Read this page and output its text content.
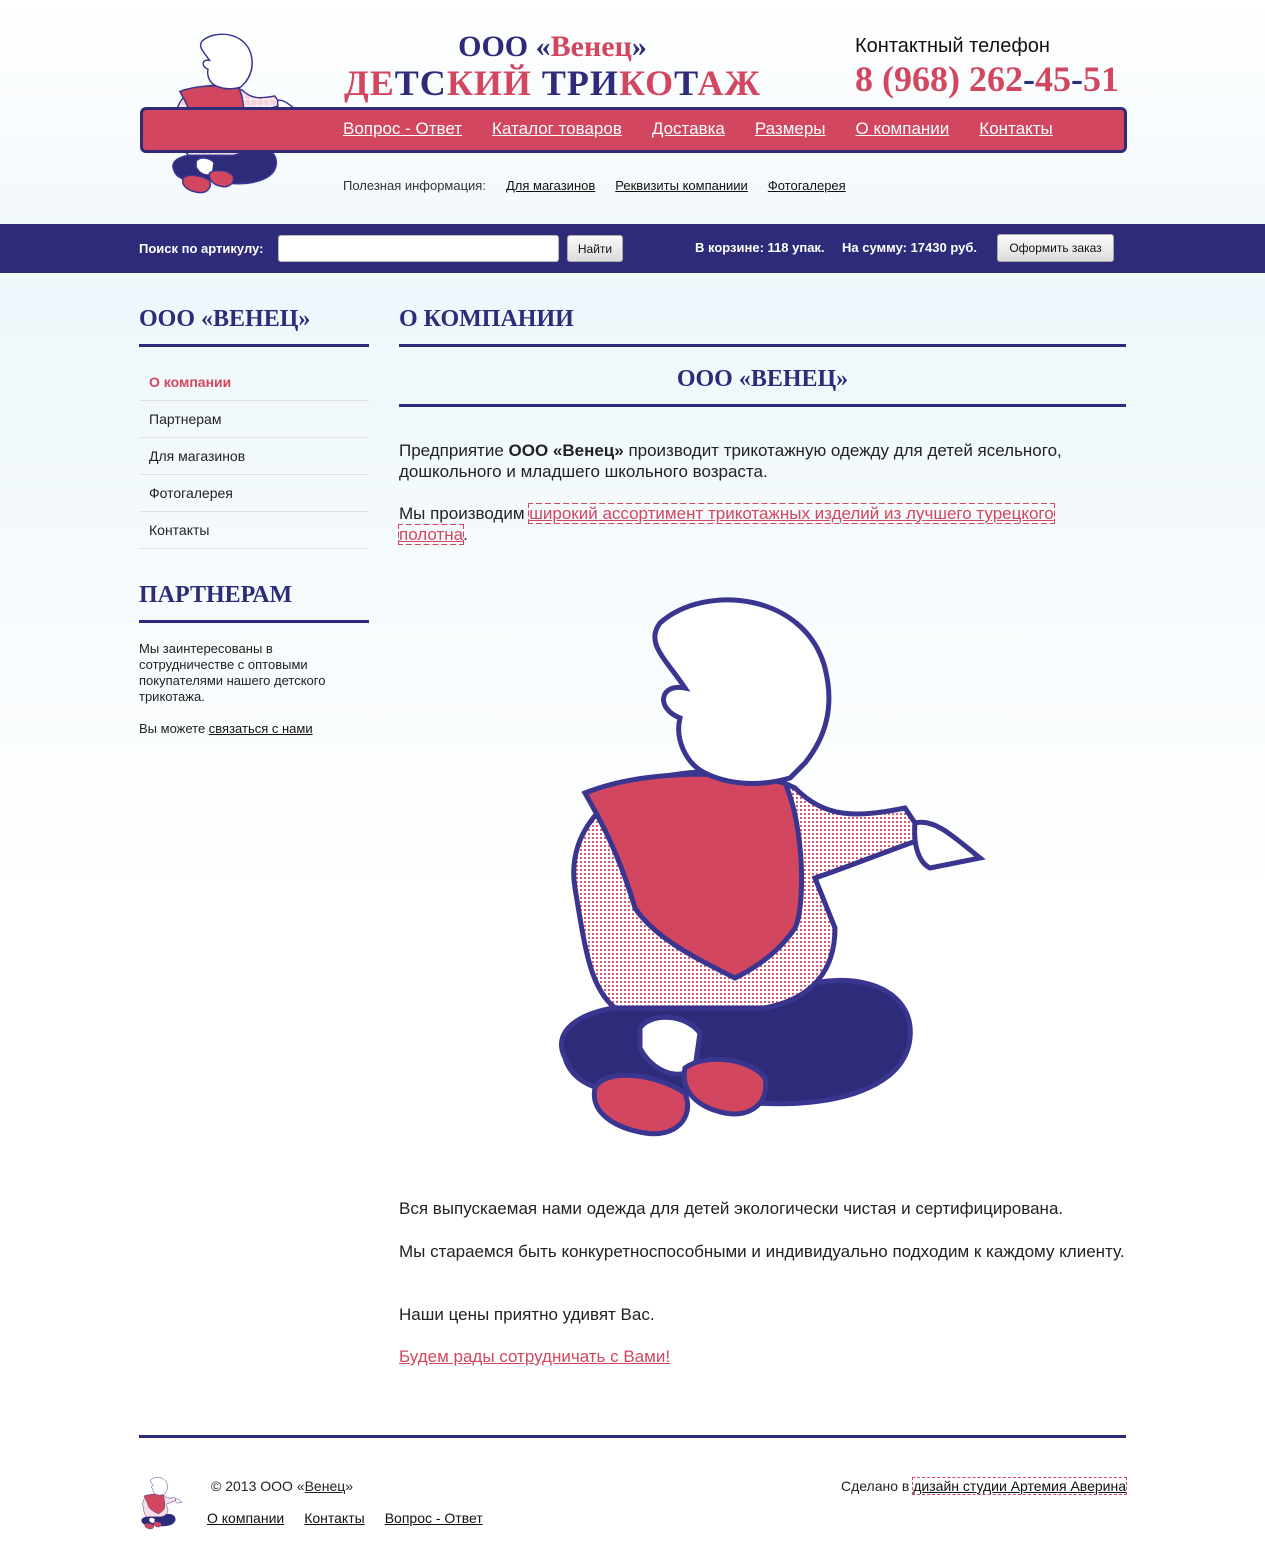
ООО «Венец»
ДЕТСКИЙ ТРИКОТАЖ
Контактный телефон
8 (968) 262-45-51
Вопрос - Ответ Каталог товаров Доставка Размеры О компании Контакты
Полезная информация: Для магазинов Реквизиты компаниии Фотогалерея
Поиск по артикулу:	Найти	В корзине: 118 упак. На сумму: 17430 руб.	Оформить заказ
ООО «ВЕНЕЦ»
О компании
Партнерам
Для магазинов
Фотогалерея
Контакты
ПАРТНЕРАМ

Мы заинтересованы в сотрудничестве с оптовыми покупателями нашего детского трикотажа.

Вы можете связаться с нами

О КОМПАНИИ
ООО «ВЕНЕЦ»

Предприятие ООО «Венец» производит трикотажную одежду для детей ясельного, дошкольного и младшего школьного возраста.

Мы производим широкий ассортимент трикотажных изделий из лучшего турецкого полотна.

Вся выпускаемая нами одежда для детей экологически чистая и сертифицирована.

Мы стараемся быть конкуретноспособными и индивидуально подходим к каждому клиенту.

Наши цены приятно удивят Вас.

Будем рады сотрудничать с Вами!

© 2013 ООО «Венец»	Сделано в дизайн студии Артемия Аверина
О компании Контакты Вопрос - Ответ
